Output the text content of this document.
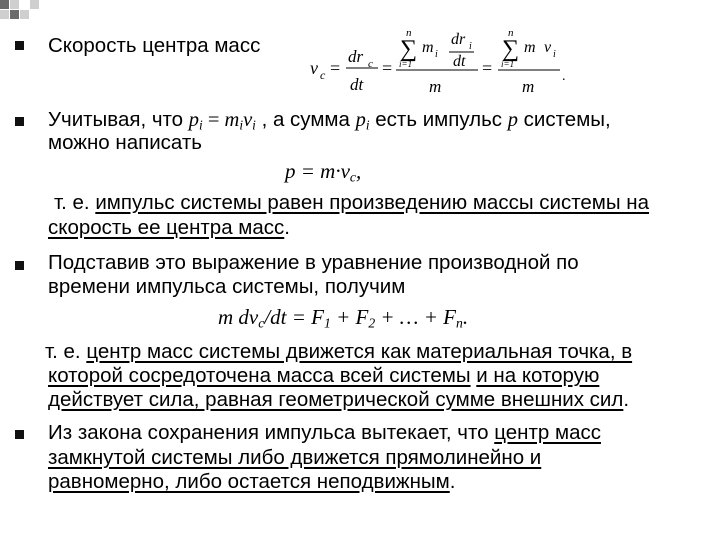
Скорость центра масс
v c =
dr c
dt
=
n
∑
i=1
m i
dr i
dt
m
=
n
∑
i=1
m v i
m
.
Учитывая, что $p_i = m_iv_i$ , а сумма $p_i$ есть импульс p системы,
можно написать
$p = m\cdot v_c$,
т. е. импульс системы равен произведению массы системы на
скорость ее центра масс.
Подставив это выражение в уравнение производной по
времени импульса системы, получим
m $dv_c/dt = F_1 + F_2$ + … + $F_n$.
т. е. центр масс системы движется как материальная точка, в
которой сосредоточена масса всей системы и на которую
действует сила, равная геометрической сумме внешних сил.
Из закона сохранения импульса вытекает, что центр масс
замкнутой системы либо движется прямолинейно и
равномерно, либо остается неподвижным.
